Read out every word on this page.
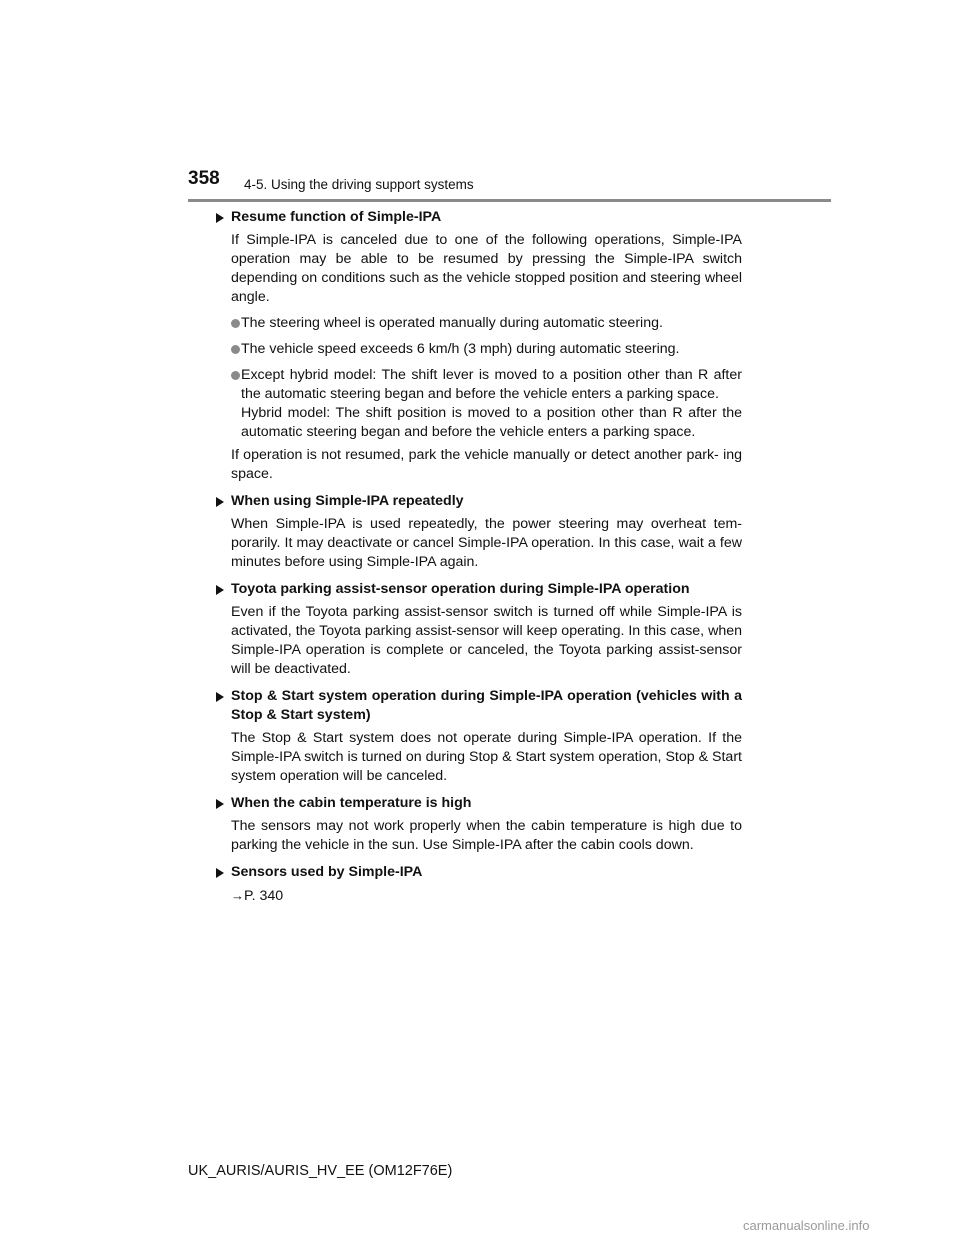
358 4-5. Using the driving support systems
Resume function of Simple-IPA
If Simple-IPA is canceled due to one of the following operations, Simple-IPA operation may be able to be resumed by pressing the Simple-IPA switch depending on conditions such as the vehicle stopped position and steering wheel angle.
The steering wheel is operated manually during automatic steering.
The vehicle speed exceeds 6 km/h (3 mph) during automatic steering.
Except hybrid model: The shift lever is moved to a position other than R after the automatic steering began and before the vehicle enters a parking space.
Hybrid model: The shift position is moved to a position other than R after the automatic steering began and before the vehicle enters a parking space.
If operation is not resumed, park the vehicle manually or detect another park- ing space.
When using Simple-IPA repeatedly
When Simple-IPA is used repeatedly, the power steering may overheat tem- porarily. It may deactivate or cancel Simple-IPA operation. In this case, wait a few minutes before using Simple-IPA again.
Toyota parking assist-sensor operation during Simple-IPA operation
Even if the Toyota parking assist-sensor switch is turned off while Simple-IPA is activated, the Toyota parking assist-sensor will keep operating. In this case, when Simple-IPA operation is complete or canceled, the Toyota parking assist-sensor will be deactivated.
Stop & Start system operation during Simple-IPA operation (vehicles with a Stop & Start system)
The Stop & Start system does not operate during Simple-IPA operation. If the Simple-IPA switch is turned on during Stop & Start system operation, Stop & Start system operation will be canceled.
When the cabin temperature is high
The sensors may not work properly when the cabin temperature is high due to parking the vehicle in the sun. Use Simple-IPA after the cabin cools down.
Sensors used by Simple-IPA
→P. 340
UK_AURIS/AURIS_HV_EE (OM12F76E)
carmanualsonline.info
